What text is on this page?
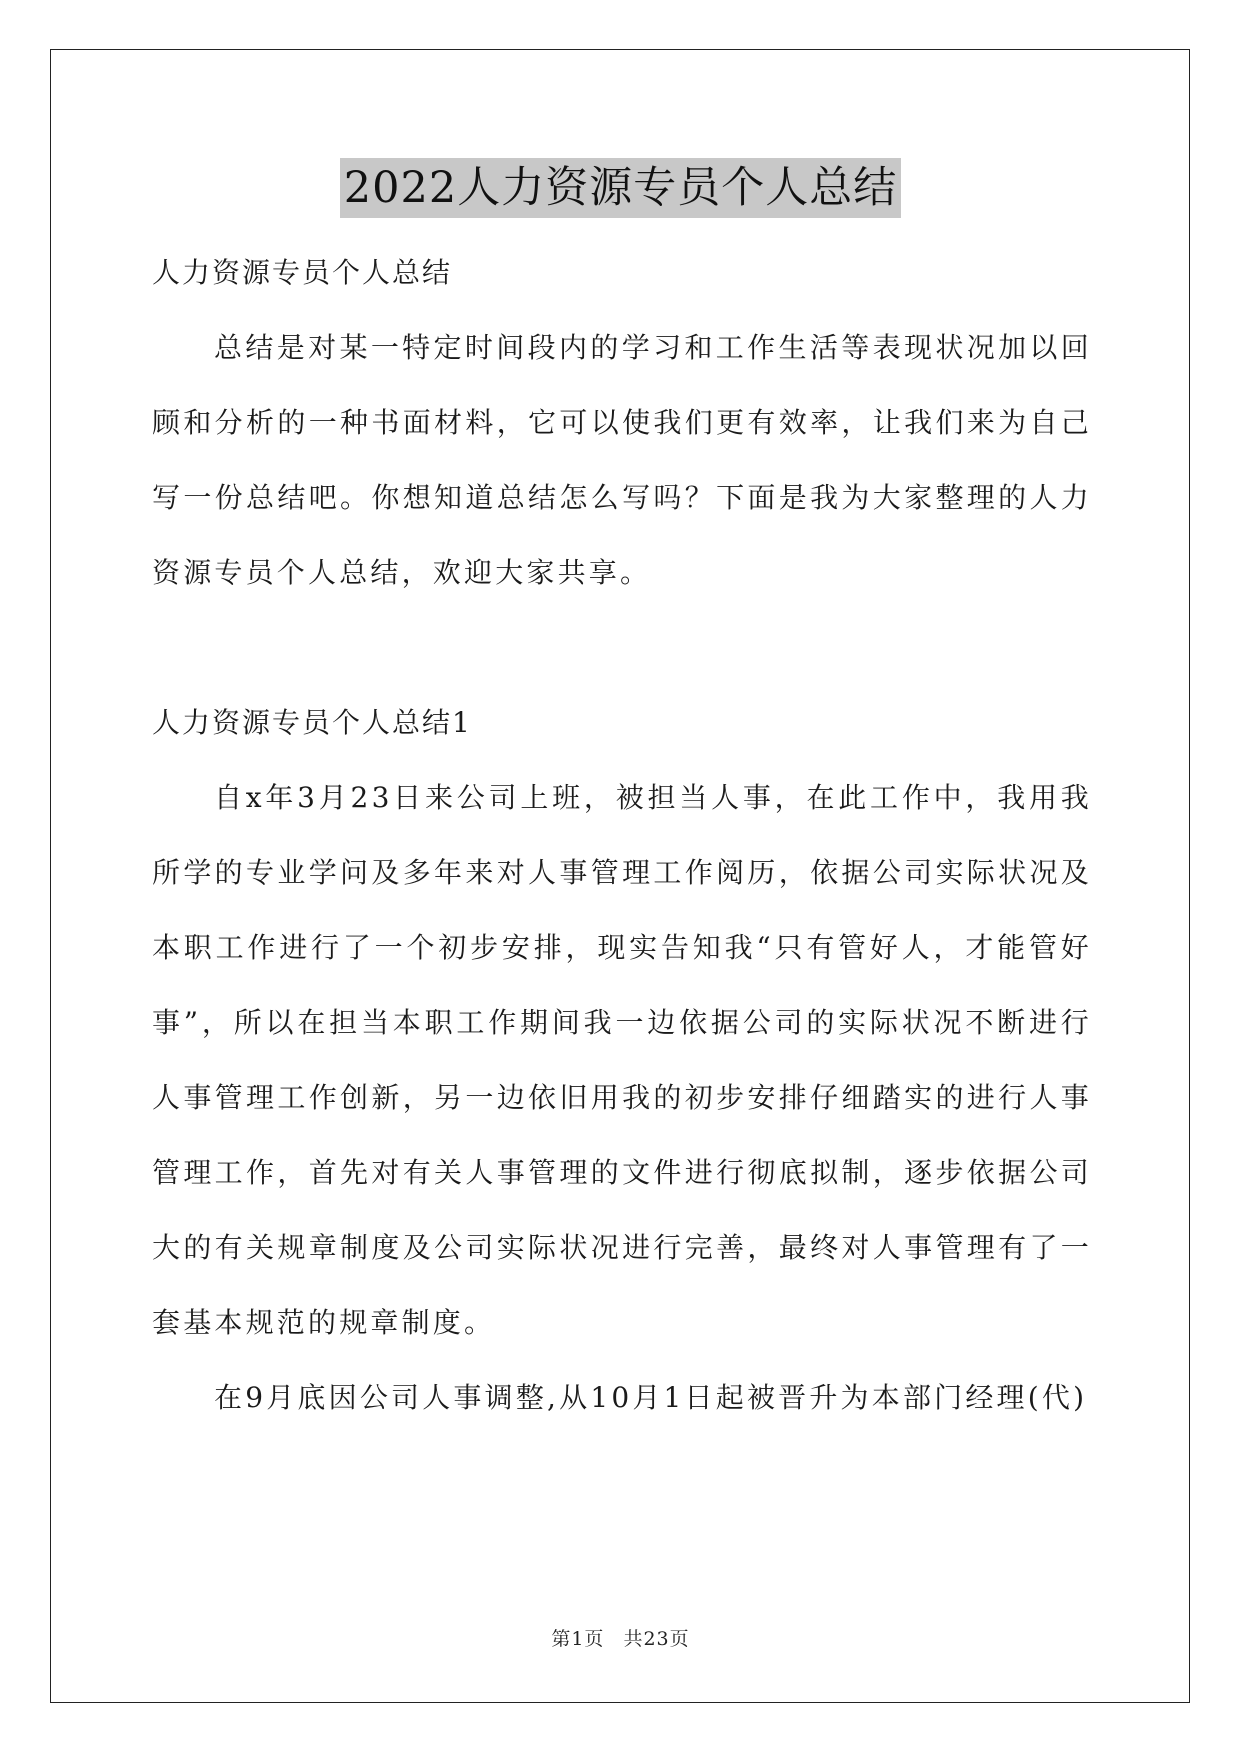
2022人力资源专员个人总结

人力资源专员个人总结

总结是对某一特定时间段内的学习和工作生活等表现状况加以回顾和分析的一种书面材料，它可以使我们更有效率，让我们来为自己写一份总结吧。你想知道总结怎么写吗？下面是我为大家整理的人力资源专员个人总结，欢迎大家共享。

人力资源专员个人总结1

自x年3月23日来公司上班，被担当人事，在此工作中，我用我所学的专业学问及多年来对人事管理工作阅历，依据公司实际状况及本职工作进行了一个初步安排，现实告知我“只有管好人，才能管好事”，所以在担当本职工作期间我一边依据公司的实际状况不断进行人事管理工作创新，另一边依旧用我的初步安排仔细踏实的进行人事管理工作，首先对有关人事管理的文件进行彻底拟制，逐步依据公司大的有关规章制度及公司实际状况进行完善，最终对人事管理有了一套基本规范的规章制度。

在9月底因公司人事调整,从10月1日起被晋升为本部门经理(代)

第1页 共23页
